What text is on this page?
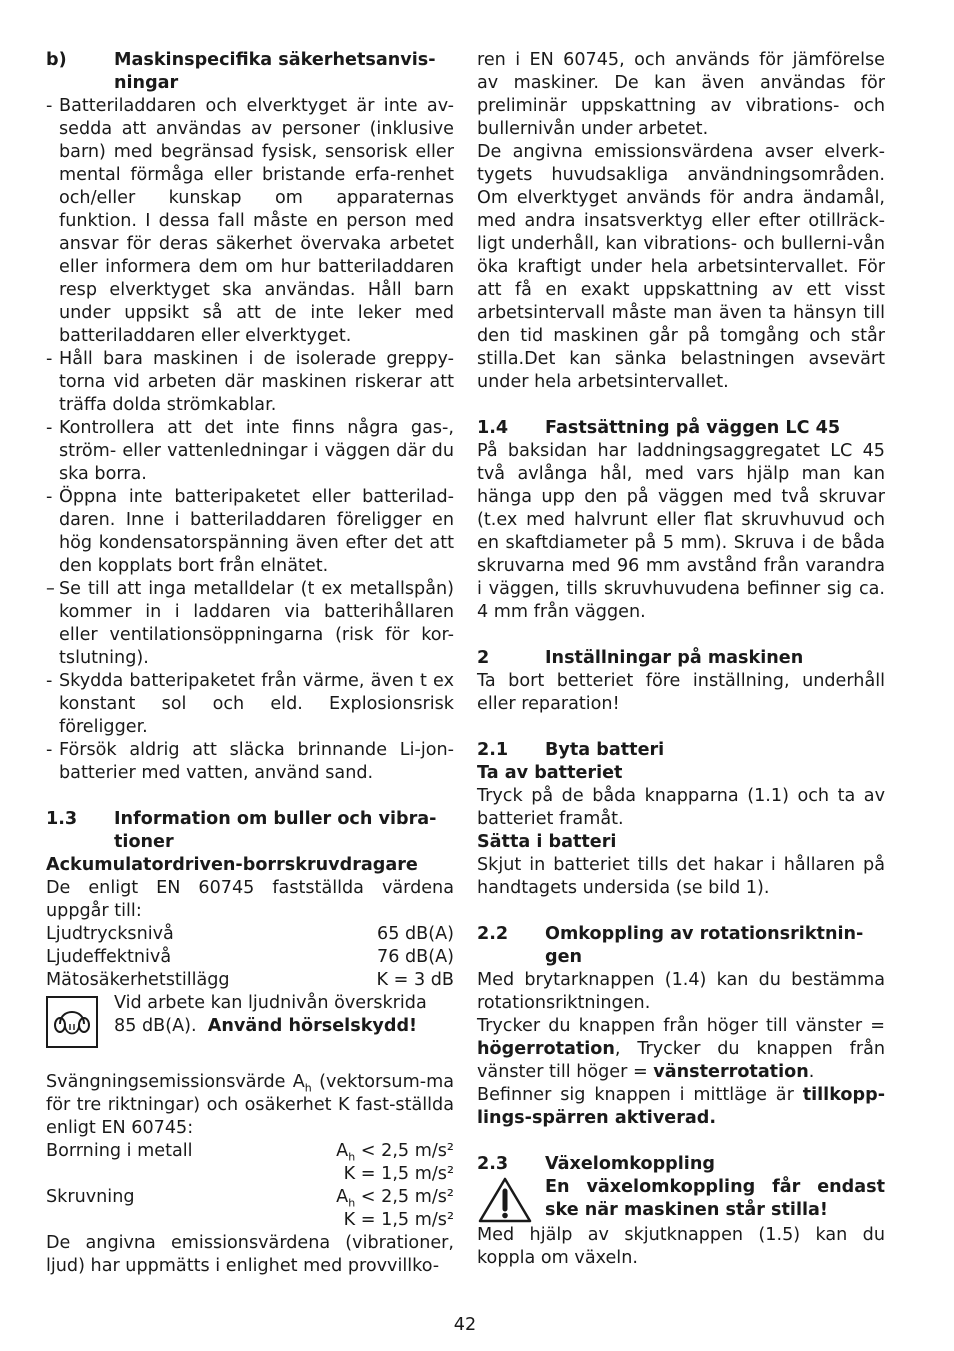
b)	Maskinspecifika säkerhetsanvis-ningar
- Batteriladdaren och elverktyget är inte av-sedda att användas av personer (inklusive barn) med begränsad fysisk, sensorisk eller mental förmåga eller bristande erfa-renhet och/eller kunskap om apparaternas funktion. I dessa fall måste en person med ansvar för deras säkerhet övervaka arbetet eller informera dem om hur batteriladdaren resp elverktyget ska användas. Håll barn under uppsikt så att de inte leker med batteriladdaren eller elverktyget.
- Håll bara maskinen i de isolerade greppy-torna vid arbeten där maskinen riskerar att träffa dolda strömkablar.
- Kontrollera att det inte finns några gas-, ström- eller vattenledningar i väggen där du ska borra.
- Öppna inte batteripaketet eller batterilad-daren. Inne i batteriladdaren föreligger en hög kondensatorspänning även efter det att den kopplats bort från elnätet.
– Se till att inga metalldelar (t ex metallspån) kommer in i laddaren via batterihållaren eller ventilationsöppningarna (risk för kor-tslutning).
- Skydda batteripaketet från värme, även t ex konstant sol och eld. Explosionsrisk föreligger.
- Försök aldrig att släcka brinnande Li-jon-batterier med vatten, använd sand.
1.3	Information om buller och vibra-tioner

Ackumulatordriven-borrskruvdragare

De enligt EN 60745 fastställda värdena uppgår till:

Ljudtrycksnivå	65 dB(A)
Ljudeffektnivå	76 dB(A)
Mätosäkerhetstillägg	K = 3 dB
Vid arbete kan ljudnivån överskrida 85 dB(A). Använd hörselskydd!

Svängningsemissionsvärde $A_h$ (vektorsum-ma för tre riktningar) och osäkerhet K fast-ställda enligt EN 60745:

Borrning i metall	$A_h < 2,5$ m/s²
K = 1,5 m/s²
Skruvning	$A_h < 2,5$ m/s²
K = 1,5 m/s²

De angivna emissionsvärdena (vibrationer, ljud) har uppmätts i enlighet med provvillko-

ren i EN 60745, och används för jämförelse av maskiner. De kan även användas för preliminär uppskattning av vibrations- och bullernivån under arbetet.

De angivna emissionsvärdena avser elverk-tygets huvudsakliga användningsområden. Om elverktyget används för andra ändamål, med andra insatsverktyg eller efter otillräck-ligt underhåll, kan vibrations- och bullerni-vån öka kraftigt under hela arbetsintervallet. För att få en exakt uppskattning av ett visst arbetsintervall måste man även ta hänsyn till den tid maskinen går på tomgång och står stilla.Det kan sänka belastningen avsevärt under hela arbetsintervallet.

1.4	Fastsättning på väggen LC 45

På baksidan har laddningsaggregatet LC 45 två avlånga hål, med vars hjälp man kan hänga upp den på väggen med två skruvar (t.ex med halvrunt eller flat skruvhuvud och en skaftdiameter på 5 mm). Skruva i de båda skruvarna med 96 mm avstånd från varandra i väggen, tills skruvhuvudena befinner sig ca. 4 mm från väggen.

2	Inställningar på maskinen

Ta bort betteriet före inställning, underhåll eller reparation!

2.1	Byta batteri

Ta av batteriet

Tryck på de båda knapparna (1.1) och ta av batteriet framåt.

Sätta i batteri

Skjut in batteriet tills det hakar i hållaren på handtagets undersida (se bild 1).

2.2	Omkoppling av rotationsriktnin-gen

Med brytarknappen (1.4) kan du bestämma rotationsriktningen.

Trycker du knappen från höger till vänster = högerrotation, Trycker du knappen från vänster till höger = vänsterrotation.

Befinner sig knappen i mittläge är tillkopp-lings-spärren aktiverad.

2.3	Växelomkoppling
En växelomkoppling får endast ske när maskinen står stilla!

Med hjälp av skjutknappen (1.5) kan du koppla om växeln.

42
